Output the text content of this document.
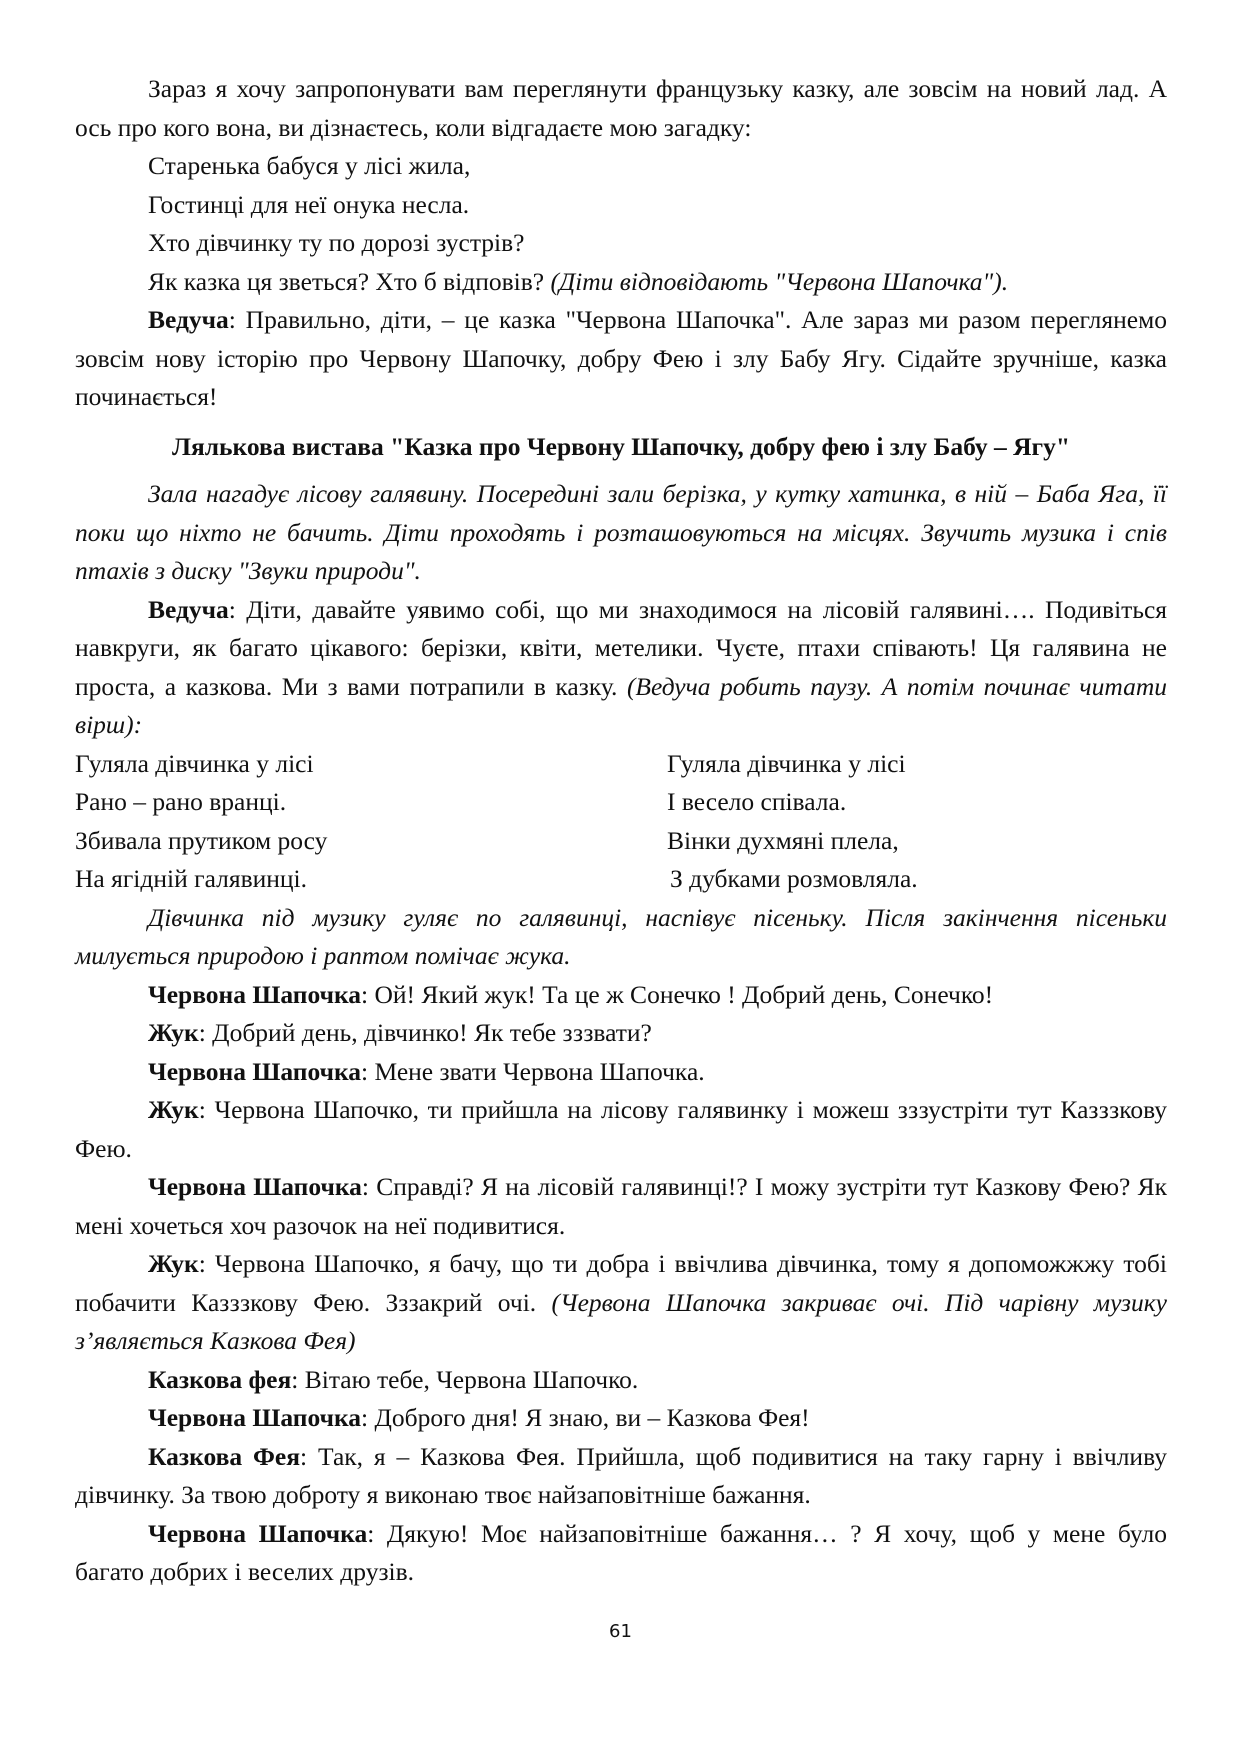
Зараз я хочу запропонувати вам переглянути французьку казку, але зовсім на новий лад. А ось про кого вона, ви дізнаєтесь, коли відгадаєте мою загадку:

Старенька бабуся у лісі жила,

Гостинці для неї онука несла.

Хто дівчинку ту по дорозі зустрів?

Як казка ця зветься? Хто б відповів? (Діти відповідають "Червона Шапочка").

Ведуча: Правильно, діти, – це казка "Червона Шапочка". Але зараз ми разом переглянемо зовсім нову історію про Червону Шапочку, добру Фею і злу Бабу Ягу. Сідайте зручніше, казка починається!

Лялькова вистава "Казка про Червону Шапочку, добру фею і злу Бабу – Ягу"

Зала нагадує лісову галявину. Посередині зали берізка, у кутку хатинка, в ній – Баба Яга, її поки що ніхто не бачить. Діти проходять і розташовуються на місцях. Звучить музика і спів птахів з диску "Звуки природи".

Ведуча: Діти, давайте уявимо собі, що ми знаходимося на лісовій галявині…. Подивіться навкруги, як багато цікавого: берізки, квіти, метелики. Чуєте, птахи співають! Ця галявина не проста, а казкова. Ми з вами потрапили в казку. (Ведуча робить паузу. А потім починає читати вірш):

Гуляла дівчинка у лісі

Рано – рано вранці.

Збивала прутиком росу

На ягідній галявинці.

Гуляла дівчинка у лісі

І весело співала.

Вінки духмяні плела,

З дубками розмовляла.

Дівчинка під музику гуляє по галявинці, наспівує пісеньку. Після закінчення пісеньки милується природою і раптом помічає жука.

Червона Шапочка: Ой! Який жук! Та це ж Сонечко ! Добрий день, Сонечко!

Жук: Добрий день, дівчинко! Як тебе зззвати?

Червона Шапочка: Мене звати Червона Шапочка.

Жук: Червона Шапочко, ти прийшла на лісову галявинку і можеш зззустріти тут Казззкову Фею.

Червона Шапочка: Справді? Я на лісовій галявинці!? І можу зустріти тут Казкову Фею? Як мені хочеться хоч разочок на неї подивитися.

Жук: Червона Шапочко, я бачу, що ти добра і ввічлива дівчинка, тому я допоможжжу тобі побачити Казззкову Фею. Зззакрий очі. (Червона Шапочка закриває очі. Під чарівну музику з’являється Казкова Фея)

Казкова фея: Вітаю тебе, Червона Шапочко.

Червона Шапочка: Доброго дня! Я знаю, ви – Казкова Фея!

Казкова Фея: Так, я – Казкова Фея. Прийшла, щоб подивитися на таку гарну і ввічливу дівчинку. За твою доброту я виконаю твоє найзаповітніше бажання.

Червона Шапочка: Дякую! Моє найзаповітніше бажання… ? Я хочу, щоб у мене було багато добрих і веселих друзів.

61
